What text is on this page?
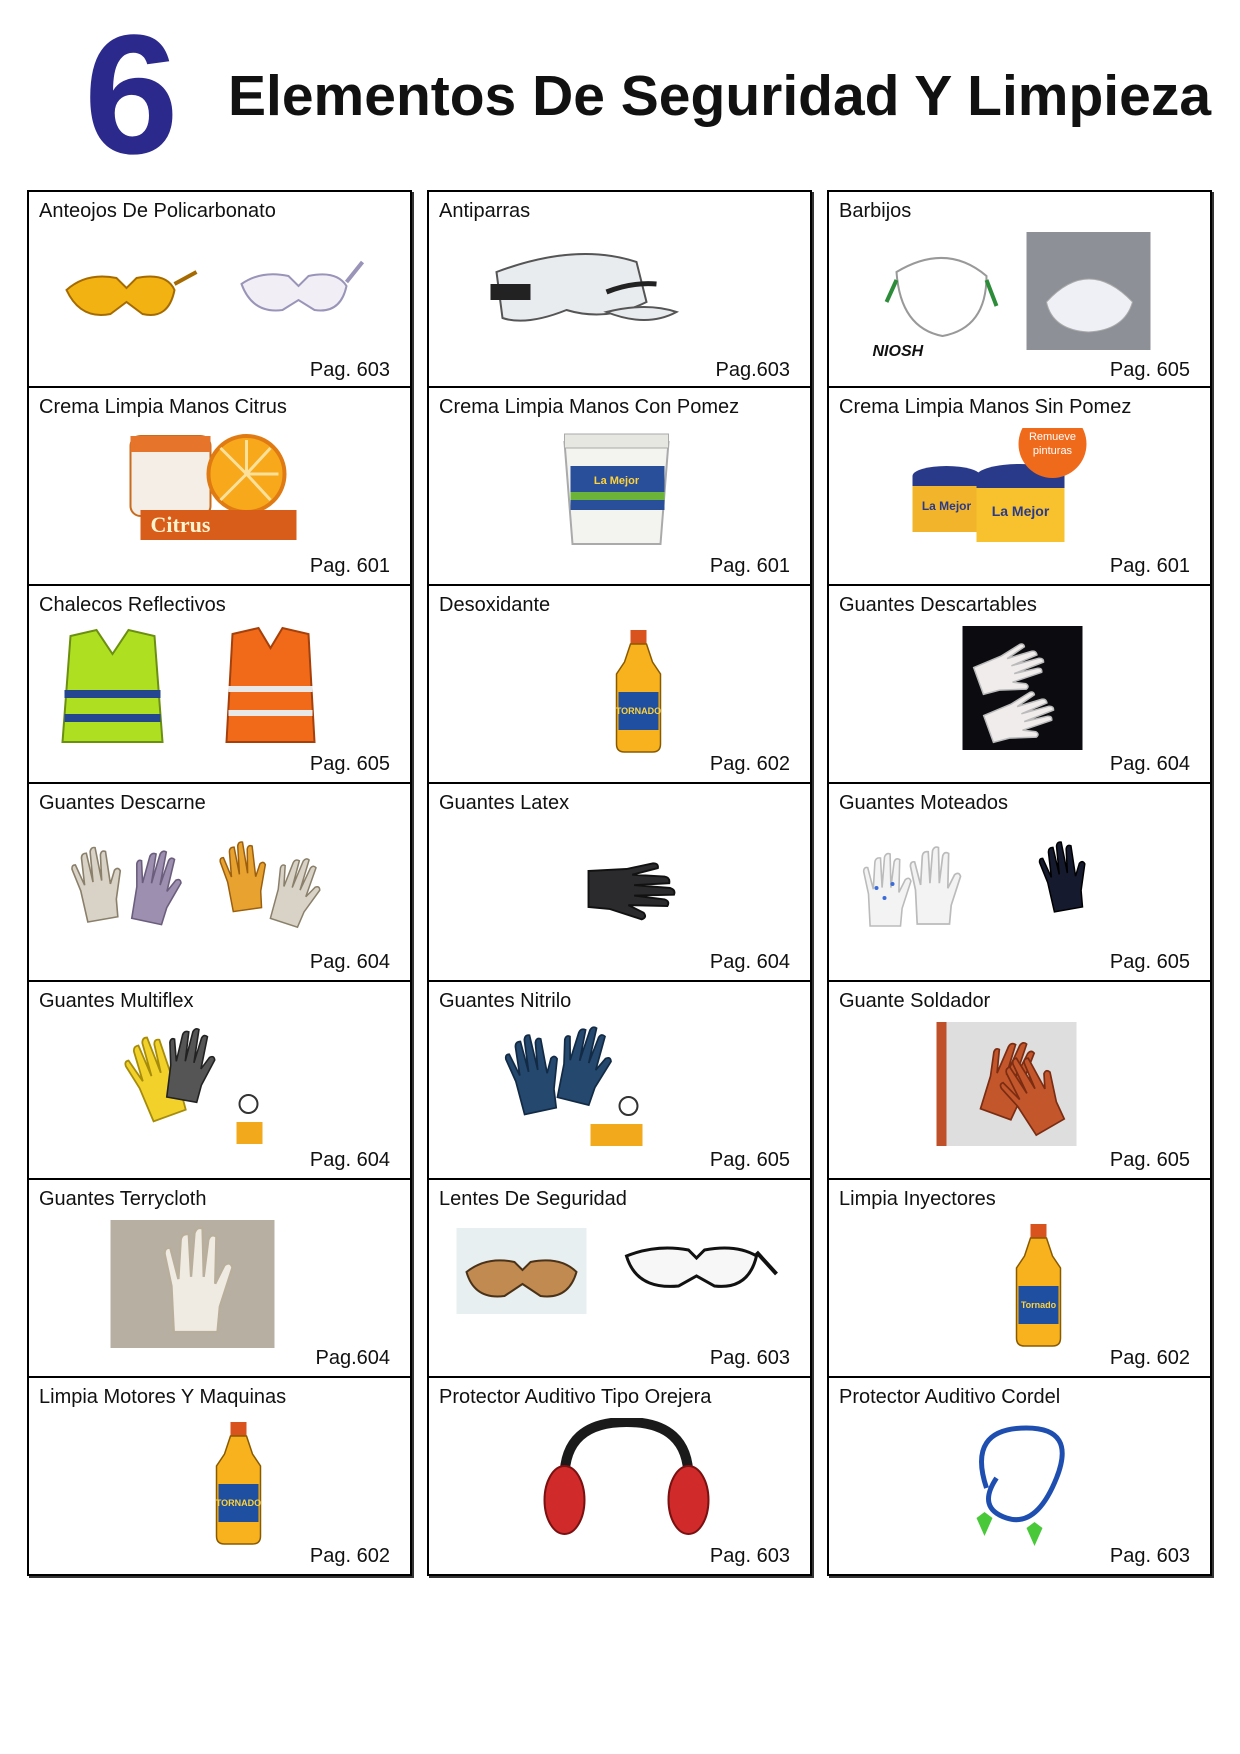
6 Elementos De Seguridad Y Limpieza
Anteojos De Policarbonato
Pag. 603
Antiparras
Pag.603
Barbijos
NIOSH
Pag. 605
Crema Limpia Manos Citrus
Citrus
Pag. 601
Crema Limpia Manos Con Pomez
La Mejor
Pag. 601
Crema Limpia Manos Sin Pomez
La Mejor La Mejor
Remueve
pinturas
Pag. 601
Chalecos Reflectivos
Pag. 605
Desoxidante
TORNADO
Pag. 602
Guantes Descartables
Pag. 604
Guantes Descarne
Pag. 604
Guantes Latex
Pag. 604
Guantes Moteados
Pag. 605
Guantes Multiflex
Pag. 604
Guantes Nitrilo
Pag. 605
Guante Soldador
Pag. 605
Guantes Terrycloth
Pag.604
Lentes De Seguridad
Pag. 603
Limpia Inyectores
Tornado
Pag. 602
Limpia Motores Y Maquinas
TORNADO
Pag. 602
Protector Auditivo Tipo Orejera
Pag. 603
Protector Auditivo Cordel
Pag. 603
